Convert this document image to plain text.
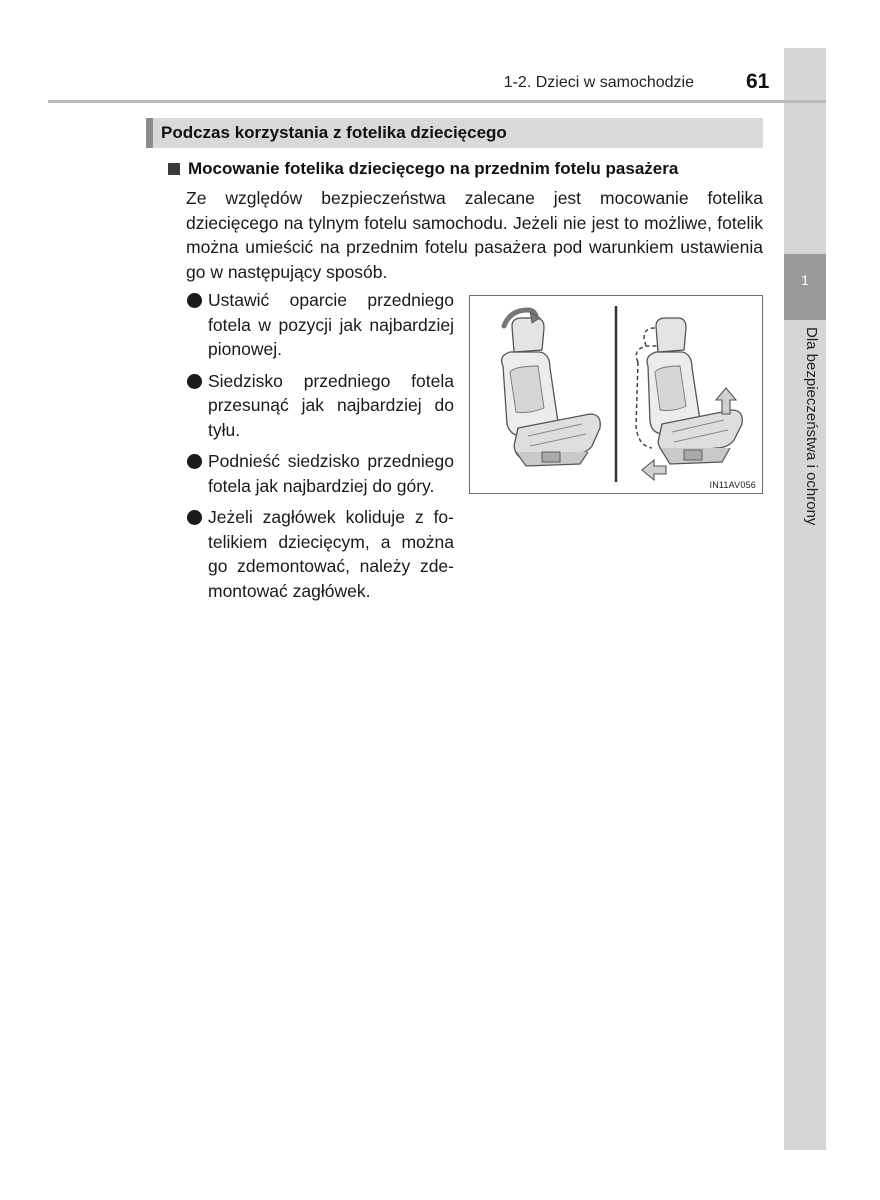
1
Dla bezpieczeństwa i ochrony
1-2. Dzieci w samochodzie 61
Podczas korzystania z fotelika dziecięcego
Mocowanie fotelika dziecięcego na przednim fotelu pasażera

Ze względów bezpieczeństwa zalecane jest mocowanie fotelika dziecięcego na tylnym fotelu samochodu. Jeżeli nie jest to możliwe, fotelik można umieścić na przednim fotelu pasażera pod warunkiem ustawienia go w następujący sposób.

Ustawić oparcie przedniego fotela w pozycji jak najbardziej pionowej.
Siedzisko przedniego fotela przesunąć jak najbardziej do tyłu.
Podnieść siedzisko przedniego fotela jak najbardziej do góry.
Jeżeli zagłówek koliduje z fotelikiem dziecięcym, a można go zdemontować, należy zdemontować zagłówek.
IN11AV056
